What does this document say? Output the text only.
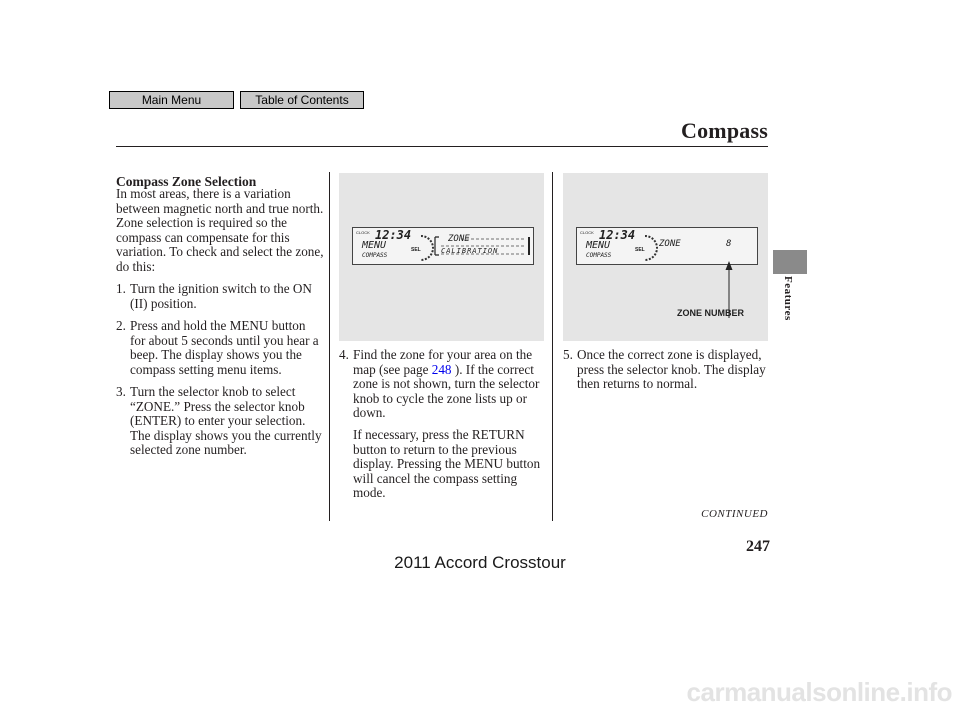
Main Menu	Table of Contents
Compass
Compass Zone Selection
In most areas, there is a variation between magnetic north and true north. Zone selection is required so the compass can compensate for this variation. To check and select the zone, do this:
1. Turn the ignition switch to the ON (II) position.
2. Press and hold the MENU button for about 5 seconds until you hear a beep. The display shows you the compass setting menu items.
3. Turn the selector knob to select “ZONE.” Press the selector knob (ENTER) to enter your selection. The display shows you the currently selected zone number.
CLOCK 12:34
MENU
COMPASS
SEL
ZONE
CALIBRATION
CLOCK 12:34
MENU
COMPASS
SEL
ZONE	8
ZONE NUMBER
4. Find the zone for your area on the map (see page 248 ). If the correct zone is not shown, turn the selector knob to cycle the zone lists up or down.
If necessary, press the RETURN button to return to the previous display. Pressing the MENU button will cancel the compass setting mode.
5. Once the correct zone is displayed, press the selector knob. The display then returns to normal.
Features
CONTINUED
247
2011 Accord Crosstour
carmanualsonline.info
